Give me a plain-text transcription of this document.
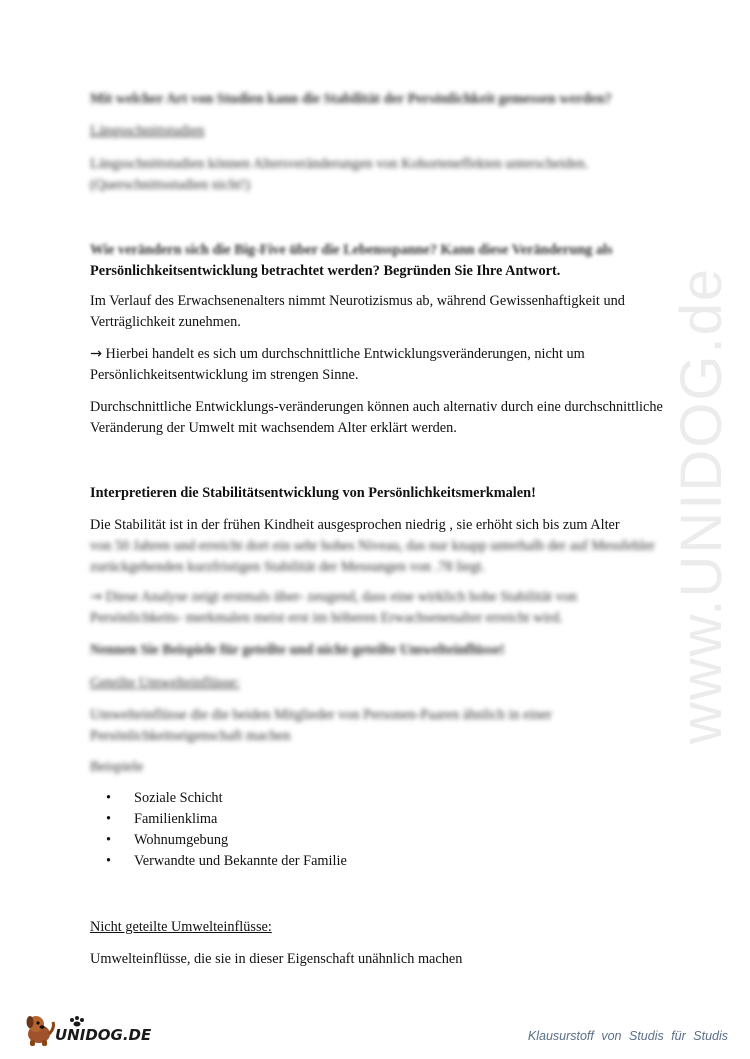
www.UNIDOG.de
Mit welcher Art von Studien kann die Stabilität der Persönlichkeit gemessen werden?
Längsschnittstudien
Längsschnittstudien können Altersveränderungen von Kohorteneffekten unterscheiden. (Querschnittsstudien nicht!)
Wie verändern sich die Big-Five über die Lebensspanne? Kann diese Veränderung als
Persönlichkeitsentwicklung betrachtet werden? Begründen Sie Ihre Antwort.
Im Verlauf des Erwachsenenalters nimmt Neurotizismus ab, während Gewissenhaftigkeit und Verträglichkeit zunehmen.
→ Hierbei handelt es sich um durchschnittliche Entwicklungsveränderungen, nicht um Persönlichkeitsentwicklung im strengen Sinne.
Durchschnittliche Entwicklungs-veränderungen können auch alternativ durch eine durchschnittliche Veränderung der Umwelt mit wachsendem Alter erklärt werden.
Interpretieren die Stabilitätsentwicklung von Persönlichkeitsmerkmalen!
Die Stabilität ist in der frühen Kindheit ausgesprochen niedrig , sie erhöht sich bis zum Alter
von 50 Jahren und erreicht dort ein sehr hohes Niveau, das nur knapp unterhalb der auf Messfehler zurückgehenden kurzfristigen Stabilität der Messungen von .78 liegt.
→ Diese Analyse zeigt erstmals über- zeugend, dass eine wirklich hohe Stabilität von Persönlichkeits- merkmalen meist erst im höheren Erwachsenenalter erreicht wird.
Nennen Sie Beispiele für geteilte und nicht-geteilte Umwelteinflüsse!
Geteilte Umwelteinflüsse:
Umwelteinflüsse die die beiden Mitglieder von Personen-Paaren ähnlich in einer Persönlichkeitseigenschaft machen
Beispiele
• Soziale Schicht
• Familienklima
• Wohnumgebung
• Verwandte und Bekannte der Familie
Nicht geteilte Umwelteinflüsse:
Umwelteinflüsse, die sie in dieser Eigenschaft unähnlich machen
UNIDOG.DE	Klausurstoff von Studis für Studis
